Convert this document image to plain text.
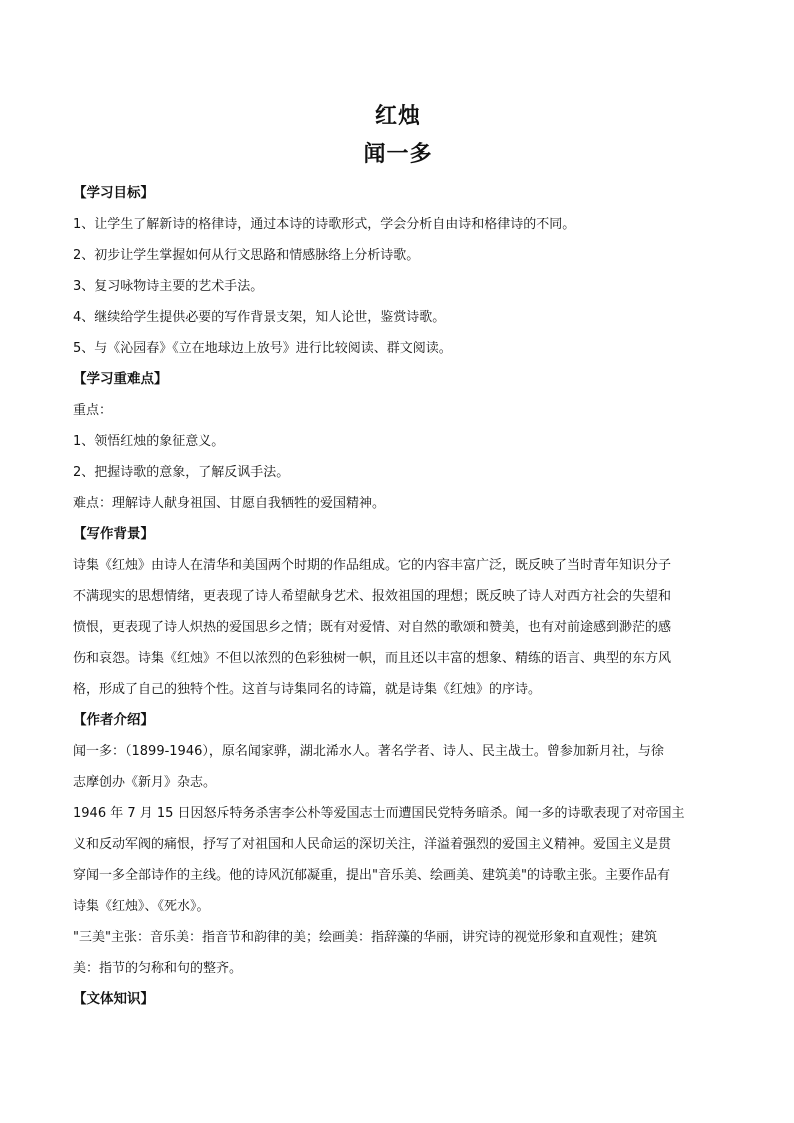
红烛

闻一多

【学习目标】

1、让学生了解新诗的格律诗，通过本诗的诗歌形式，学会分析自由诗和格律诗的不同。

2、初步让学生掌握如何从行文思路和情感脉络上分析诗歌。

3、复习咏物诗主要的艺术手法。

4、继续给学生提供必要的写作背景支架，知人论世，鉴赏诗歌。

5、与《沁园春》《立在地球边上放号》进行比较阅读、群文阅读。

【学习重难点】

重点：

1、领悟红烛的象征意义。

2、把握诗歌的意象，了解反讽手法。

难点：理解诗人献身祖国、甘愿自我牺牲的爱国精神。

【写作背景】

诗集《红烛》由诗人在清华和美国两个时期的作品组成。它的内容丰富广泛，既反映了当时青年知识分子
不满现实的思想情绪，更表现了诗人希望献身艺术、报效祖国的理想；既反映了诗人对西方社会的失望和
愤恨，更表现了诗人炽热的爱国思乡之情；既有对爱情、对自然的歌颂和赞美，也有对前途感到渺茫的感
伤和哀怨。诗集《红烛》不但以浓烈的色彩独树一帜，而且还以丰富的想象、精练的语言、典型的东方风
格，形成了自己的独特个性。这首与诗集同名的诗篇，就是诗集《红烛》的序诗。

【作者介绍】

闻一多：（1899-1946），原名闻家骅，湖北浠水人。著名学者、诗人、民主战士。曾参加新月社，与徐
志摩创办《新月》杂志。
1946 年 7 月 15 日因怒斥特务杀害李公朴等爱国志士而遭国民党特务暗杀。闻一多的诗歌表现了对帝国主
义和反动军阀的痛恨，抒写了对祖国和人民命运的深切关注，洋溢着强烈的爱国主义精神。爱国主义是贯
穿闻一多全部诗作的主线。他的诗风沉郁凝重，提出"音乐美、绘画美、建筑美"的诗歌主张。主要作品有
诗集《红烛》、《死水》。
"三美"主张：音乐美：指音节和韵律的美；绘画美：指辞藻的华丽，讲究诗的视觉形象和直观性；建筑
美：指节的匀称和句的整齐。

【文体知识】
